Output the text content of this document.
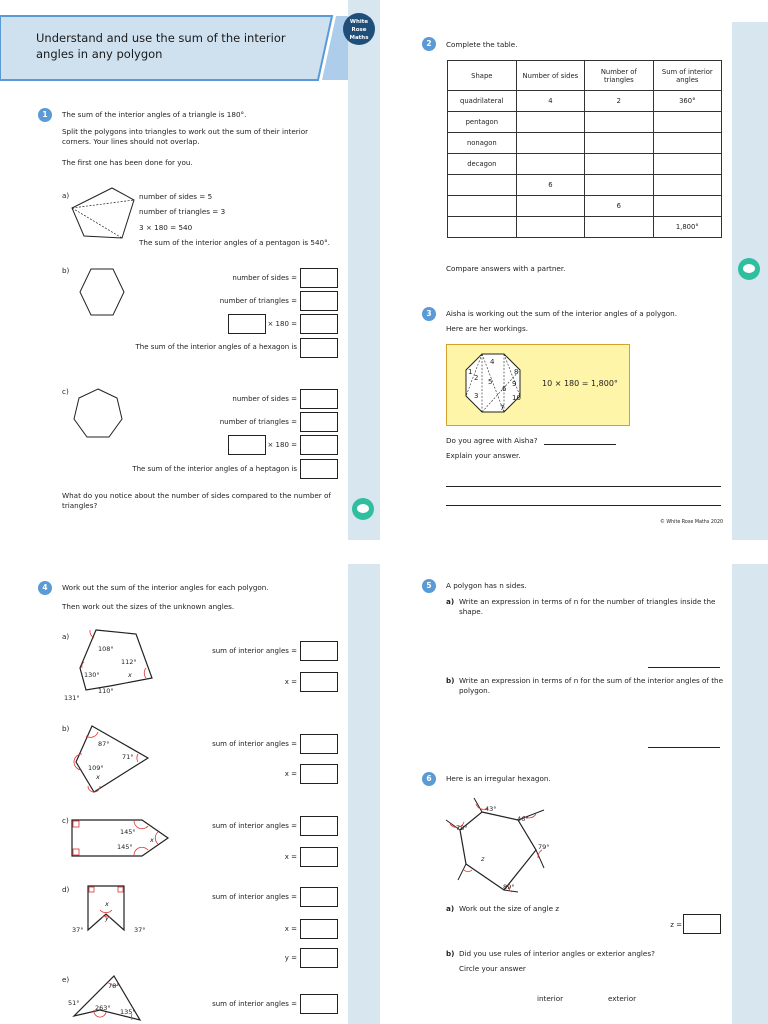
Understand and use the sum of the interior angles in any polygon
White Rose Maths
1	The sum of the interior angles of a triangle is 180°.
Split the polygons into triangles to work out the sum of their interior corners. Your lines should not overlap.
The first one has been done for you.
a)	number of sides = 5
number of triangles = 3
3 × 180 = 540
The sum of the interior angles of a pentagon is 540°.
b)
number of sides =
number of triangles =
× 180 =
The sum of the interior angles of a hexagon is
c)
number of sides =
number of triangles =
× 180 =
The sum of the interior angles of a heptagon is
What do you notice about the number of sides compared to the number of triangles?
2	Complete the table.
Shape	Number of sides	Number of triangles	Sum of interior angles
quadrilateral	4	2	360°
pentagon			
nonagon			
decagon			
	6		
		6	
			1,800°
Compare answers with a partner.
3	Aisha is working out the sum of the interior angles of a polygon.
Here are her workings.
1
2
3
4
5
6
7
8
9
10
10 × 180 = 1,800°
Do you agree with Aisha?
Explain your answer.
© White Rose Maths 2020
4	Work out the sum of the interior angles for each polygon.
Then work out the sizes of the unknown angles.
a)
108°
112°
x
130°
110°
131°
sum of interior angles =
x =
b)
87°
71°
109°
x
sum of interior angles =
x =
c)
145°
145°
x
sum of interior angles =
x =
d)
x
y
37°	37°
sum of interior angles =
x =
y =
e)
78°
51°
263° 135°
sum of interior angles =
5	A polygon has n sides.
a) Write an expression in terms of n for the number of triangles inside the shape.
b) Write an expression in terms of n for the sum of the interior angles of the polygon.
6	Here is an irregular hexagon.
43°
46°
78°
79°
z
89°
a) Work out the size of angle z
z =
b) Did you use rules of interior angles or exterior angles?
Circle your answer
interior	exterior
